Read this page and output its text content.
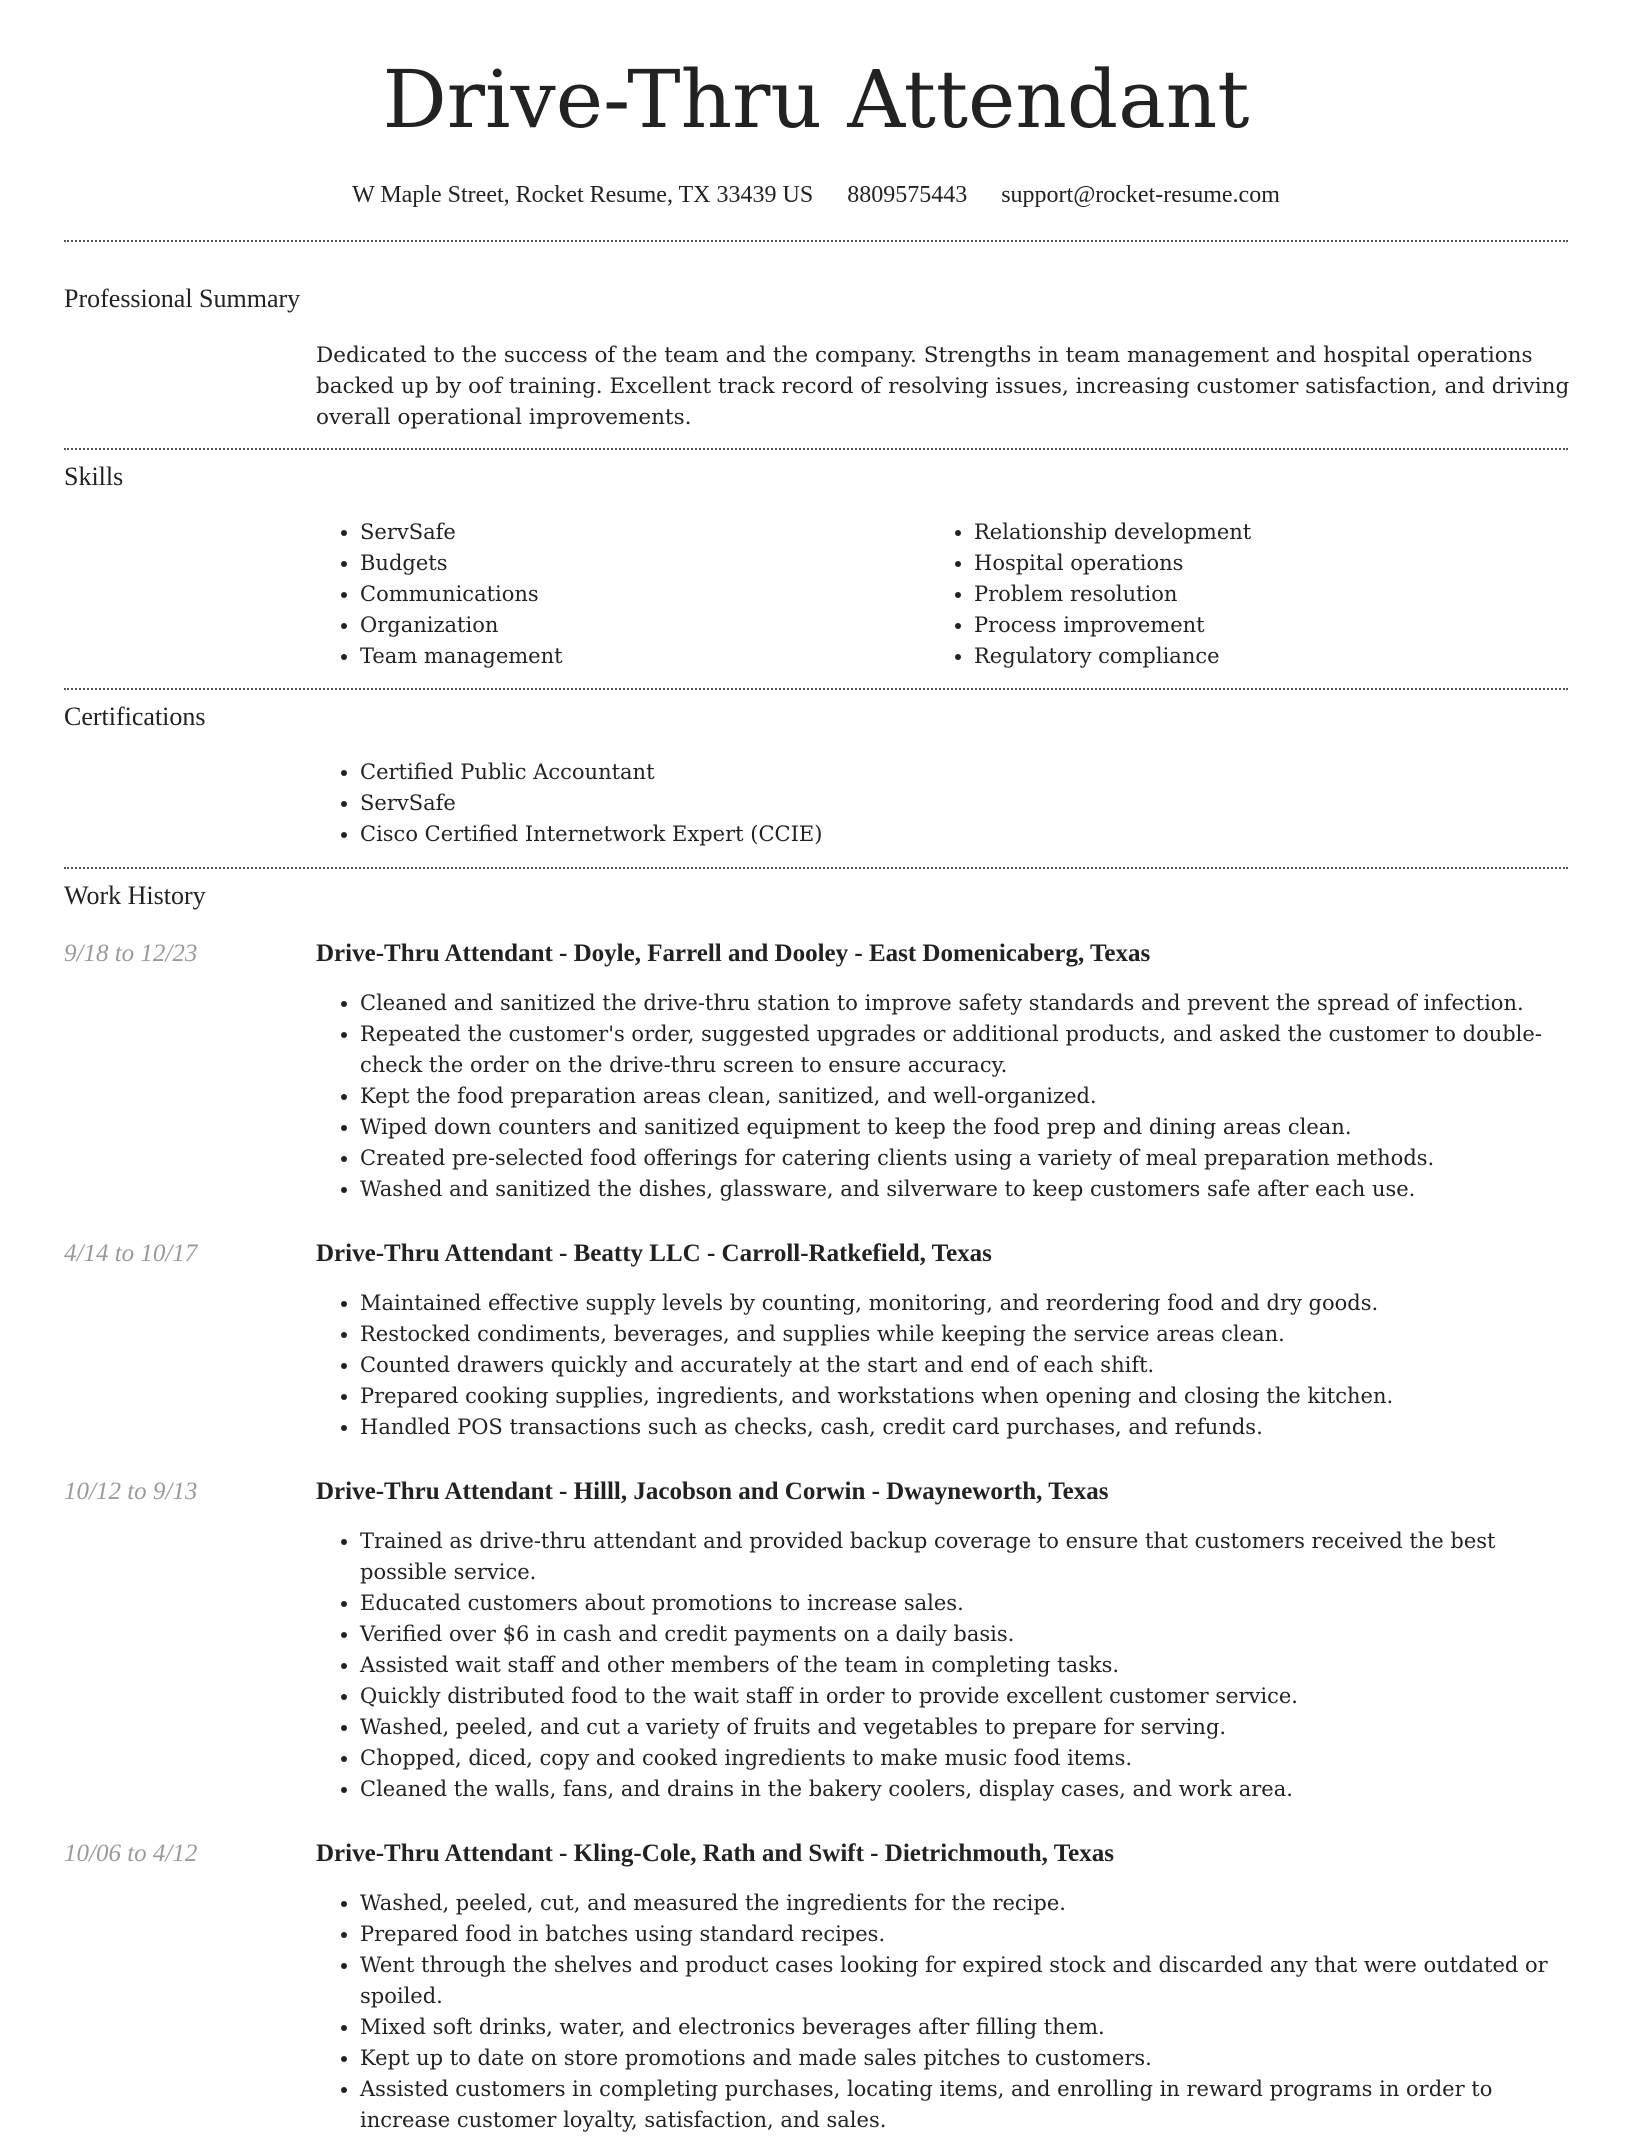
Drive-Thru Attendant
W Maple Street, Rocket Resume, TX 33439 US 8809575443 support@rocket-resume.com
Professional Summary

Dedicated to the success of the team and the company. Strengths in team management and hospital operations backed up by oof training. Excellent track record of resolving issues, increasing customer satisfaction, and driving overall operational improvements.

Skills
• ServSafe
• Budgets
• Communications
• Organization
• Team management
• Relationship development
• Hospital operations
• Problem resolution
• Process improvement
• Regulatory compliance
Certifications
• Certified Public Accountant
• ServSafe
• Cisco Certified Internetwork Expert (CCIE)
Work History
9/18 to 12/23	Drive-Thru Attendant - Doyle, Farrell and Dooley - East Domenicaberg, Texas
• Cleaned and sanitized the drive-thru station to improve safety standards and prevent the spread of infection.
• Repeated the customer's order, suggested upgrades or additional products, and asked the customer to double-check the order on the drive-thru screen to ensure accuracy.
• Kept the food preparation areas clean, sanitized, and well-organized.
• Wiped down counters and sanitized equipment to keep the food prep and dining areas clean.
• Created pre-selected food offerings for catering clients using a variety of meal preparation methods.
• Washed and sanitized the dishes, glassware, and silverware to keep customers safe after each use.
4/14 to 10/17	Drive-Thru Attendant - Beatty LLC - Carroll-Ratkefield, Texas
• Maintained effective supply levels by counting, monitoring, and reordering food and dry goods.
• Restocked condiments, beverages, and supplies while keeping the service areas clean.
• Counted drawers quickly and accurately at the start and end of each shift.
• Prepared cooking supplies, ingredients, and workstations when opening and closing the kitchen.
• Handled POS transactions such as checks, cash, credit card purchases, and refunds.
10/12 to 9/13	Drive-Thru Attendant - Hilll, Jacobson and Corwin - Dwayneworth, Texas
• Trained as drive-thru attendant and provided backup coverage to ensure that customers received the best possible service.
• Educated customers about promotions to increase sales.
• Verified over $6 in cash and credit payments on a daily basis.
• Assisted wait staff and other members of the team in completing tasks.
• Quickly distributed food to the wait staff in order to provide excellent customer service.
• Washed, peeled, and cut a variety of fruits and vegetables to prepare for serving.
• Chopped, diced, copy and cooked ingredients to make music food items.
• Cleaned the walls, fans, and drains in the bakery coolers, display cases, and work area.
10/06 to 4/12	Drive-Thru Attendant - Kling-Cole, Rath and Swift - Dietrichmouth, Texas
• Washed, peeled, cut, and measured the ingredients for the recipe.
• Prepared food in batches using standard recipes.
• Went through the shelves and product cases looking for expired stock and discarded any that were outdated or spoiled.
• Mixed soft drinks, water, and electronics beverages after filling them.
• Kept up to date on store promotions and made sales pitches to customers.
• Assisted customers in completing purchases, locating items, and enrolling in reward programs in order to increase customer loyalty, satisfaction, and sales.
